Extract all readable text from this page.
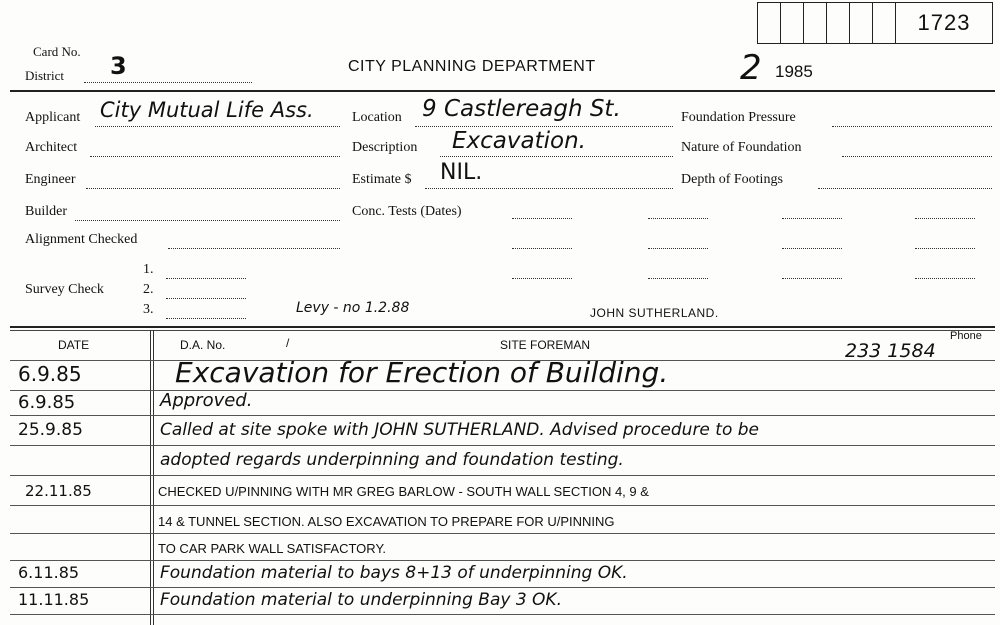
1723
Card No.
District 3	CITY PLANNING DEPARTMENT	2 1985
Applicant City Mutual Life Ass.
Architect
Engineer
Builder
Alignment Checked
1.
Survey Check	2.
3.
Location 9 Castlereagh St.
Description Excavation.
Estimate $ NIL.
Conc. Tests (Dates)
Foundation Pressure
Nature of Foundation
Depth of Footings
Levy - no 1.2.88	JOHN SUTHERLAND.
DATE	D.A. No.	/	SITE FOREMAN
Phone
233 1584
6.9.85	Excavation for Erection of Building.
6.9.85	Approved.
25.9.85	Called at site spoke with JOHN SUTHERLAND. Advised procedure to be
adopted regards underpinning and foundation testing.
22.11.85	CHECKED U/PINNING WITH MR GREG BARLOW - SOUTH WALL SECTION 4, 9 &
14 & TUNNEL SECTION. ALSO EXCAVATION TO PREPARE FOR U/PINNING
TO CAR PARK WALL SATISFACTORY.
6.11.85	Foundation material to bays 8+13 of underpinning OK.
11.11.85	Foundation material to underpinning Bay 3 OK.
